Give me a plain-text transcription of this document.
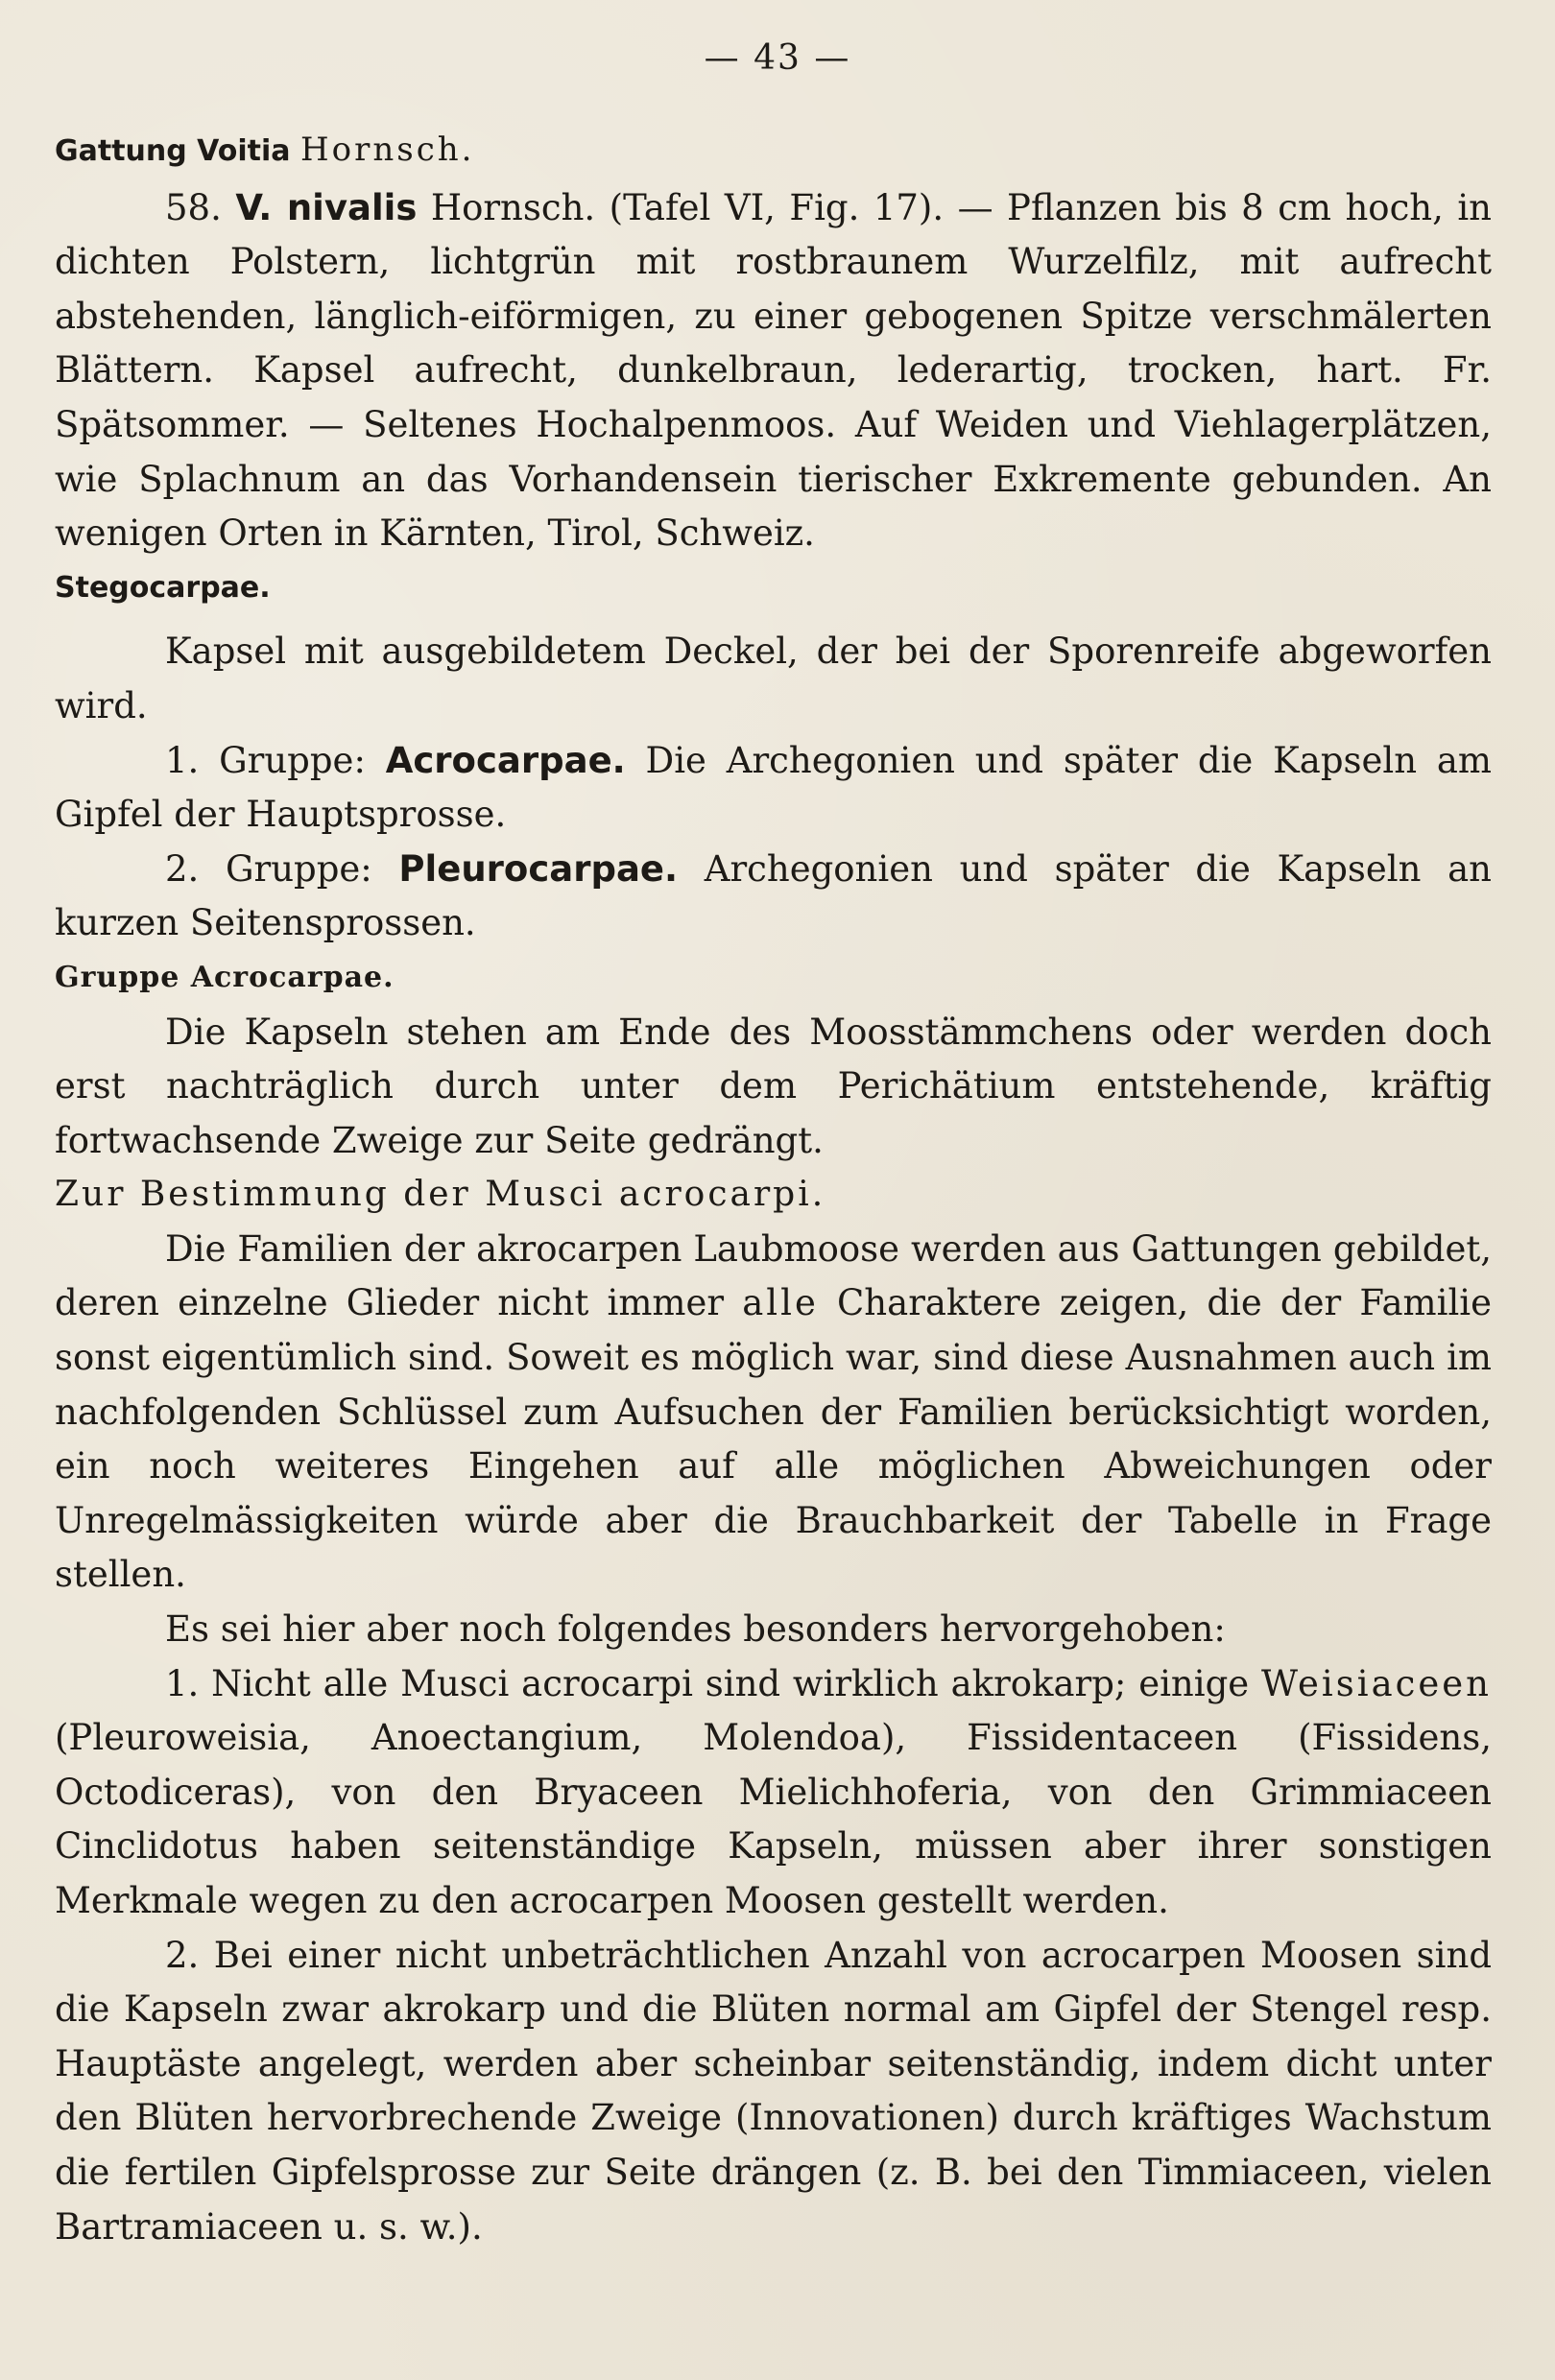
— 43 —

Gattung Voitia Hornsch.

58. V. nivalis Hornsch. (Tafel VI, Fig. 17). — Pflanzen bis 8 cm hoch, in dichten Polstern, lichtgrün mit rostbraunem Wurzelfilz, mit aufrecht abstehenden, länglich-eiförmigen, zu einer gebogenen Spitze verschmälerten Blättern. Kapsel aufrecht, dunkelbraun, lederartig, trocken, hart. Fr. Spätsommer. — Seltenes Hochalpenmoos. Auf Weiden und Viehlagerplätzen, wie Splachnum an das Vorhandensein tierischer Exkremente gebunden. An wenigen Orten in Kärnten, Tirol, Schweiz.

Stegocarpae.

Kapsel mit ausgebildetem Deckel, der bei der Sporenreife abgeworfen wird.

1. Gruppe: Acrocarpae. Die Archegonien und später die Kapseln am Gipfel der Hauptsprosse.

2. Gruppe: Pleurocarpae. Archegonien und später die Kapseln an kurzen Seitensprossen.

Gruppe Acrocarpae.

Die Kapseln stehen am Ende des Moosstämmchens oder werden doch erst nachträglich durch unter dem Perichätium entstehende, kräftig fortwachsende Zweige zur Seite gedrängt.

Zur Bestimmung der Musci acrocarpi.

Die Familien der akrocarpen Laubmoose werden aus Gattungen gebildet, deren einzelne Glieder nicht immer alle Charaktere zeigen, die der Familie sonst eigentümlich sind. Soweit es möglich war, sind diese Ausnahmen auch im nachfolgenden Schlüssel zum Aufsuchen der Familien berücksichtigt worden, ein noch weiteres Eingehen auf alle möglichen Abweichungen oder Unregelmässigkeiten würde aber die Brauchbarkeit der Tabelle in Frage stellen.

Es sei hier aber noch folgendes besonders hervorgehoben:

1. Nicht alle Musci acrocarpi sind wirklich akrokarp; einige Weisiaceen (Pleuroweisia, Anoectangium, Molendoa), Fissidentaceen (Fissidens, Octodiceras), von den Bryaceen Mielichhoferia, von den Grimmiaceen Cinclidotus haben seitenständige Kapseln, müssen aber ihrer sonstigen Merkmale wegen zu den acrocarpen Moosen gestellt werden.

2. Bei einer nicht unbeträchtlichen Anzahl von acrocarpen Moosen sind die Kapseln zwar akrokarp und die Blüten normal am Gipfel der Stengel resp. Hauptäste angelegt, werden aber scheinbar seitenständig, indem dicht unter den Blüten hervorbrechende Zweige (Innovationen) durch kräftiges Wachstum die fertilen Gipfelsprosse zur Seite drängen (z. B. bei den Timmiaceen, vielen Bartramiaceen u. s. w.).
